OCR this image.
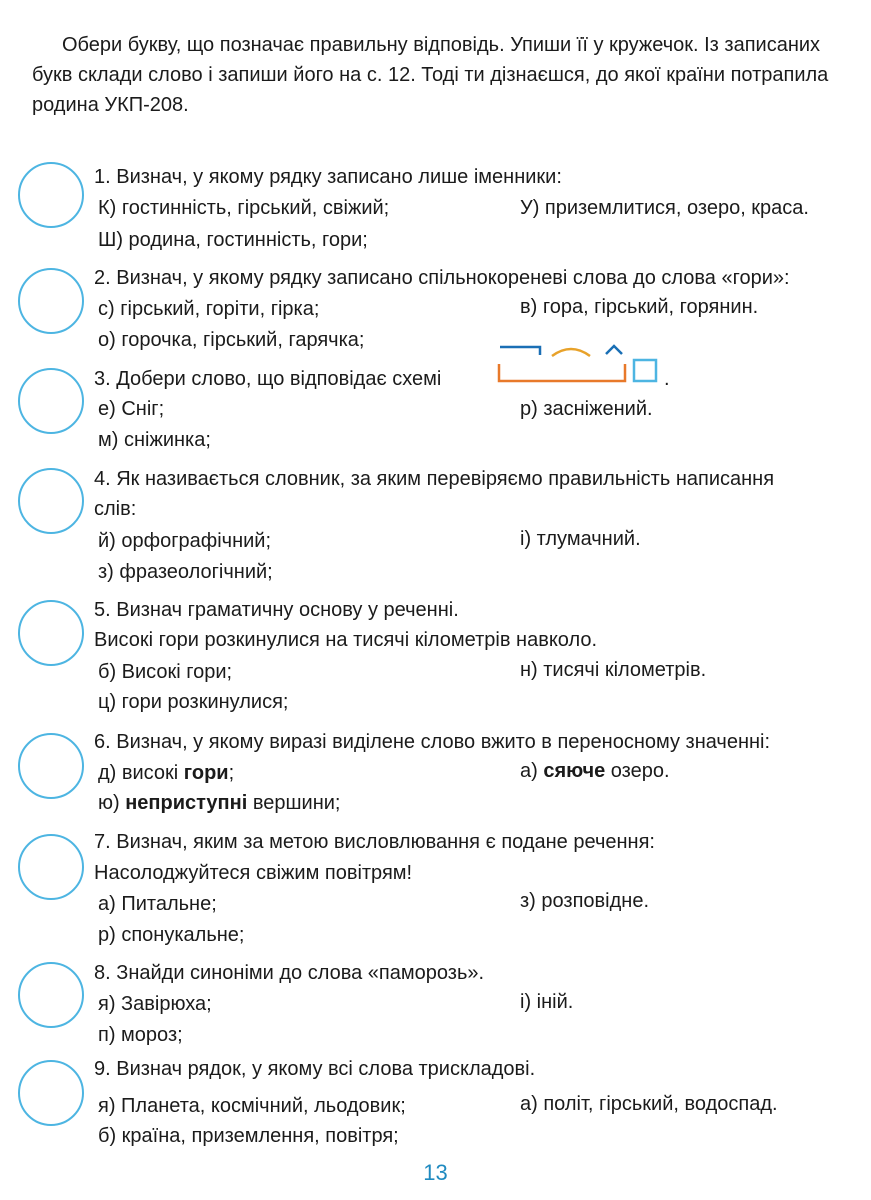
Обери букву, що позначає правильну відповідь. Упиши її у кружечок. Із записаних букв склади слово і запиши його на с. 12. Тоді ти дізнаєшся, до якої країни потрапила родина УКП-208.
1. Визнач, у якому рядку записано лише іменники:
К) гостинність, гірський, свіжий;	У) приземлитися, озеро, краса.
Ш) родина, гостинність, гори;
2. Визнач, у якому рядку записано спільнокореневі слова до слова «гори»:
с) гірський, горіти, гірка;	в) гора, гірський, горянин.
о) горочка, гірський, гарячка;
3. Добери слово, що відповідає схемі	.
е) Сніг;	р) засніжений.
м) сніжинка;
4. Як називається словник, за яким перевіряємо правильність написання
слів:
й) орфографічний;	і) тлумачний.
з) фразеологічний;
5. Визнач граматичну основу у реченні.
Високі гори розкинулися на тисячі кілометрів навколо.
б) Високі гори;	н) тисячі кілометрів.
ц) гори розкинулися;
6. Визнач, у якому виразі виділене слово вжито в переносному значенні:
д) високі гори;	а) сяюче озеро.
ю) неприступні вершини;
7. Визнач, яким за метою висловлювання є подане речення:
Насолоджуйтеся свіжим повітрям!
а) Питальне;	з) розповідне.
р) спонукальне;
8. Знайди синоніми до слова «паморозь».
я) Завірюха;	і) іній.
п) мороз;
9. Визнач рядок, у якому всі слова трискладові.
я) Планета, космічний, льодовик;	а) політ, гірський, водоспад.
б) країна, приземлення, повітря;
13
